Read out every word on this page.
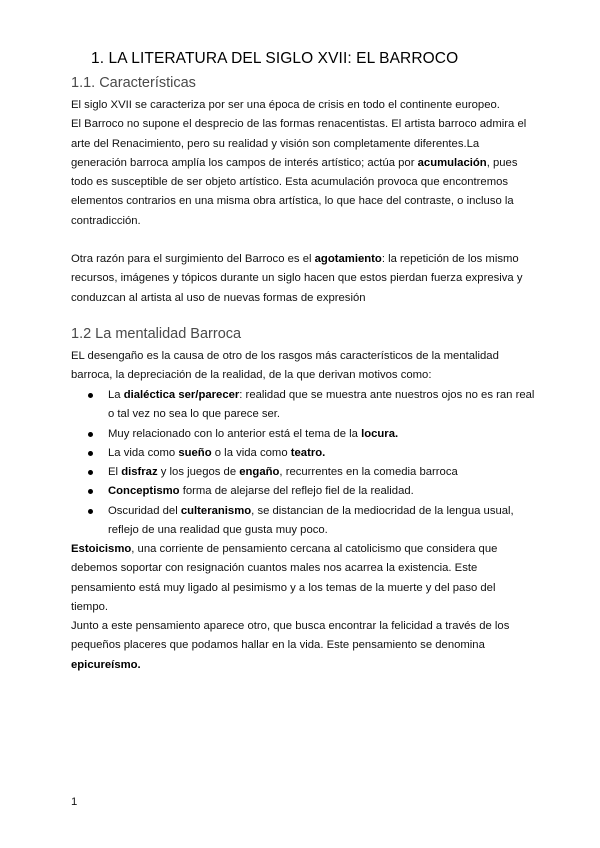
1. LA LITERATURA DEL SIGLO XVII: EL BARROCO
1.1. Características
El siglo XVII se caracteriza por ser una época de crisis en todo el continente europeo.
El Barroco no supone el desprecio de las formas renacentistas. El artista barroco admira el
arte del Renacimiento, pero su realidad y visión son completamente diferentes.La
generación barroca amplía los campos de interés artístico; actúa por acumulación, pues
todo es susceptible de ser objeto artístico. Esta acumulación provoca que encontremos
elementos contrarios en una misma obra artística, lo que hace del contraste, o incluso la
contradicción.
Otra razón para el surgimiento del Barroco es el agotamiento: la repetición de los mismo
recursos, imágenes y tópicos durante un siglo hacen que estos pierdan fuerza expresiva y
conduzcan al artista al uso de nuevas formas de expresión
1.2 La mentalidad Barroca
EL desengaño es la causa de otro de los rasgos más característicos de la mentalidad
barroca, la depreciación de la realidad, de la que derivan motivos como:
La dialéctica ser/parecer: realidad que se muestra ante nuestros ojos no es ran real
o tal vez no sea lo que parece ser.
Muy relacionado con lo anterior está el tema de la locura.
La vida como sueño o la vida como teatro.
El disfraz y los juegos de engaño, recurrentes en la comedia barroca
Conceptismo forma de alejarse del reflejo fiel de la realidad.
Oscuridad del culteranismo, se distancian de la mediocridad de la lengua usual,
reflejo de una realidad que gusta muy poco.
Estoicismo, una corriente de pensamiento cercana al catolicismo que considera que
debemos soportar con resignación cuantos males nos acarrea la existencia. Este
pensamiento está muy ligado al pesimismo y a los temas de la muerte y del paso del
tiempo.
Junto a este pensamiento aparece otro, que busca encontrar la felicidad a través de los
pequeños placeres que podamos hallar en la vida. Este pensamiento se denomina
epicureísmo.
1
